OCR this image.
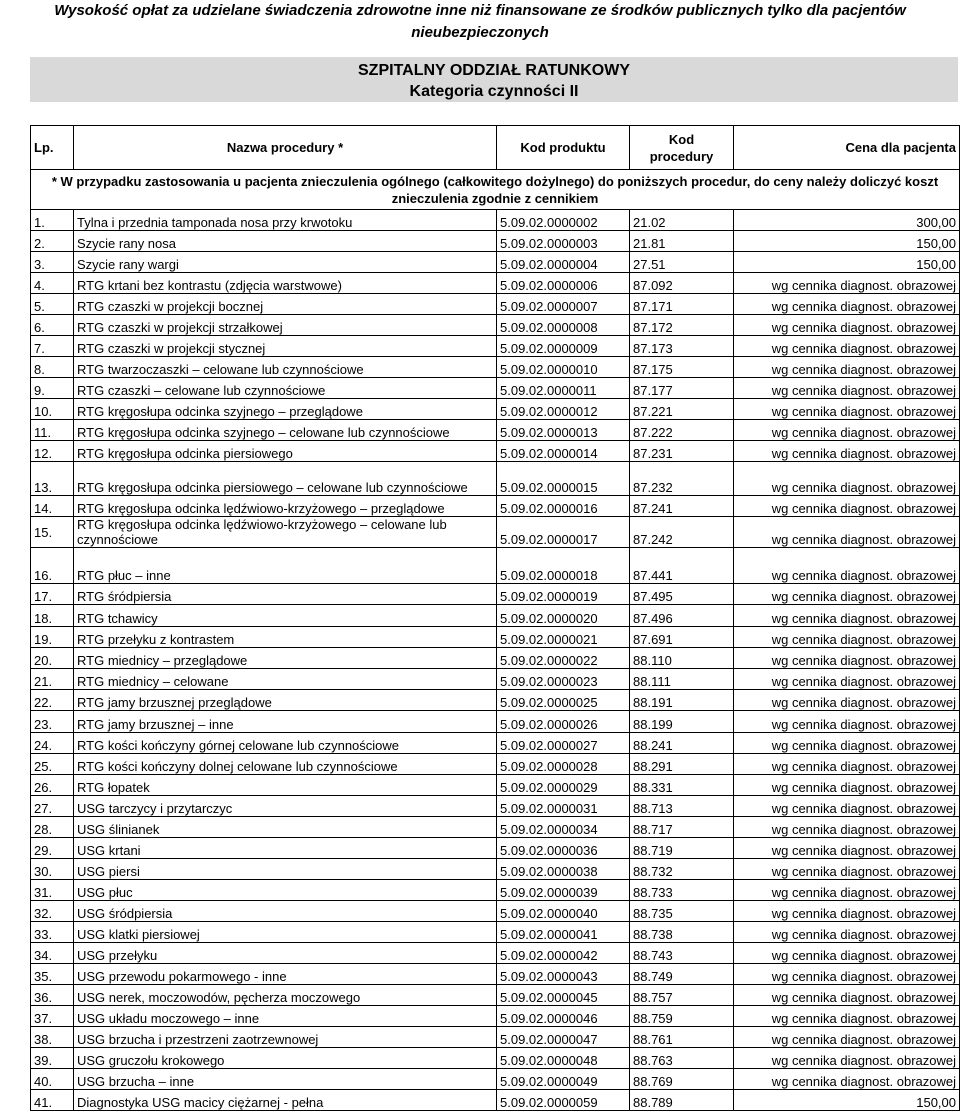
Wysokość opłat za udzielane świadczenia zdrowotne inne niż finansowane ze środków publicznych tylko dla pacjentów
nieubezpieczonych
SZPITALNY ODDZIAŁ RATUNKOWY
Kategoria czynności II
Lp.	Nazwa procedury *	Kod produktu	Kod
procedury	Cena dla pacjenta
* W przypadku zastosowania u pacjenta znieczulenia ogólnego (całkowitego dożylnego) do poniższych procedur, do ceny należy doliczyć koszt znieczulenia zgodnie z cennikiem				
1.	Tylna i przednia tamponada nosa przy krwotoku	5.09.02.0000002	21.02	300,00
2.	Szycie rany nosa	5.09.02.0000003	21.81	150,00
3.	Szycie rany wargi	5.09.02.0000004	27.51	150,00
4.	RTG krtani bez kontrastu (zdjęcia warstwowe)	5.09.02.0000006	87.092	wg cennika diagnost. obrazowej
5.	RTG czaszki w projekcji bocznej	5.09.02.0000007	87.171	wg cennika diagnost. obrazowej
6.	RTG czaszki w projekcji strzałkowej	5.09.02.0000008	87.172	wg cennika diagnost. obrazowej
7.	RTG czaszki w projekcji stycznej	5.09.02.0000009	87.173	wg cennika diagnost. obrazowej
8.	RTG twarzoczaszki – celowane lub czynnościowe	5.09.02.0000010	87.175	wg cennika diagnost. obrazowej
9.	RTG czaszki – celowane lub czynnościowe	5.09.02.0000011	87.177	wg cennika diagnost. obrazowej
10.	RTG kręgosłupa odcinka szyjnego – przeglądowe	5.09.02.0000012	87.221	wg cennika diagnost. obrazowej
11.	RTG kręgosłupa odcinka szyjnego – celowane lub czynnościowe	5.09.02.0000013	87.222	wg cennika diagnost. obrazowej
12.	RTG kręgosłupa odcinka piersiowego	5.09.02.0000014	87.231	wg cennika diagnost. obrazowej
13.	RTG kręgosłupa odcinka piersiowego – celowane lub czynnościowe	5.09.02.0000015	87.232	wg cennika diagnost. obrazowej
14.	RTG kręgosłupa odcinka lędźwiowo-krzyżowego – przeglądowe	5.09.02.0000016	87.241	wg cennika diagnost. obrazowej
15.	RTG kręgosłupa odcinka lędźwiowo-krzyżowego – celowane lub czynnościowe	5.09.02.0000017	87.242	wg cennika diagnost. obrazowej
16.	RTG płuc – inne	5.09.02.0000018	87.441	wg cennika diagnost. obrazowej
17.	RTG śródpiersia	5.09.02.0000019	87.495	wg cennika diagnost. obrazowej
18.	RTG tchawicy	5.09.02.0000020	87.496	wg cennika diagnost. obrazowej
19.	RTG przełyku z kontrastem	5.09.02.0000021	87.691	wg cennika diagnost. obrazowej
20.	RTG miednicy – przeglądowe	5.09.02.0000022	88.110	wg cennika diagnost. obrazowej
21.	RTG miednicy – celowane	5.09.02.0000023	88.111	wg cennika diagnost. obrazowej
22.	RTG jamy brzusznej przeglądowe	5.09.02.0000025	88.191	wg cennika diagnost. obrazowej
23.	RTG jamy brzusznej – inne	5.09.02.0000026	88.199	wg cennika diagnost. obrazowej
24.	RTG kości kończyny górnej celowane lub czynnościowe	5.09.02.0000027	88.241	wg cennika diagnost. obrazowej
25.	RTG kości kończyny dolnej celowane lub czynnościowe	5.09.02.0000028	88.291	wg cennika diagnost. obrazowej
26.	RTG łopatek	5.09.02.0000029	88.331	wg cennika diagnost. obrazowej
27.	USG tarczycy i przytarczyc	5.09.02.0000031	88.713	wg cennika diagnost. obrazowej
28.	USG ślinianek	5.09.02.0000034	88.717	wg cennika diagnost. obrazowej
29.	USG krtani	5.09.02.0000036	88.719	wg cennika diagnost. obrazowej
30.	USG piersi	5.09.02.0000038	88.732	wg cennika diagnost. obrazowej
31.	USG płuc	5.09.02.0000039	88.733	wg cennika diagnost. obrazowej
32.	USG śródpiersia	5.09.02.0000040	88.735	wg cennika diagnost. obrazowej
33.	USG klatki piersiowej	5.09.02.0000041	88.738	wg cennika diagnost. obrazowej
34.	USG przełyku	5.09.02.0000042	88.743	wg cennika diagnost. obrazowej
35.	USG przewodu pokarmowego - inne	5.09.02.0000043	88.749	wg cennika diagnost. obrazowej
36.	USG nerek, moczowodów, pęcherza moczowego	5.09.02.0000045	88.757	wg cennika diagnost. obrazowej
37.	USG układu moczowego – inne	5.09.02.0000046	88.759	wg cennika diagnost. obrazowej
38.	USG brzucha i przestrzeni zaotrzewnowej	5.09.02.0000047	88.761	wg cennika diagnost. obrazowej
39.	USG gruczołu krokowego	5.09.02.0000048	88.763	wg cennika diagnost. obrazowej
40.	USG brzucha – inne	5.09.02.0000049	88.769	wg cennika diagnost. obrazowej
41.	Diagnostyka USG macicy ciężarnej - pełna	5.09.02.0000059	88.789	150,00
